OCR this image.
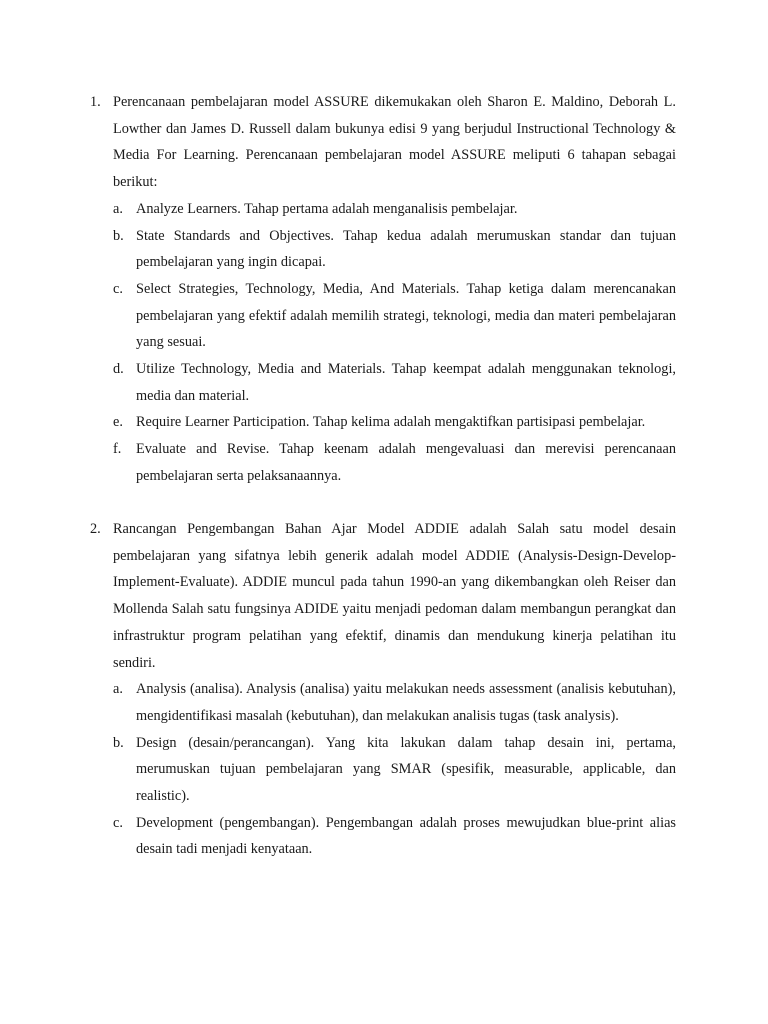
1. Perencanaan pembelajaran model ASSURE dikemukakan oleh Sharon E. Maldino, Deborah L. Lowther dan James D. Russell dalam bukunya edisi 9 yang berjudul Instructional Technology & Media For Learning. Perencanaan pembelajaran model ASSURE meliputi 6 tahapan sebagai berikut:
a. Analyze Learners. Tahap pertama adalah menganalisis pembelajar.
b. State Standards and Objectives. Tahap kedua adalah merumuskan standar dan tujuan pembelajaran yang ingin dicapai.
c. Select Strategies, Technology, Media, And Materials. Tahap ketiga dalam merencanakan pembelajaran yang efektif adalah memilih strategi, teknologi, media dan materi pembelajaran yang sesuai.
d. Utilize Technology, Media and Materials. Tahap keempat adalah menggunakan teknologi, media dan material.
e. Require Learner Participation. Tahap kelima adalah mengaktifkan partisipasi pembelajar.
f. Evaluate and Revise. Tahap keenam adalah mengevaluasi dan merevisi perencanaan pembelajaran serta pelaksanaannya.
2. Rancangan Pengembangan Bahan Ajar Model ADDIE adalah Salah satu model desain pembelajaran yang sifatnya lebih generik adalah model ADDIE (Analysis-Design-Develop-Implement-Evaluate). ADDIE muncul pada tahun 1990-an yang dikembangkan oleh Reiser dan Mollenda Salah satu fungsinya ADIDE yaitu menjadi pedoman dalam membangun perangkat dan infrastruktur program pelatihan yang efektif, dinamis dan mendukung kinerja pelatihan itu sendiri.
a. Analysis (analisa). Analysis (analisa) yaitu melakukan needs assessment (analisis kebutuhan), mengidentifikasi masalah (kebutuhan), dan melakukan analisis tugas (task analysis).
b. Design (desain/perancangan). Yang kita lakukan dalam tahap desain ini, pertama, merumuskan tujuan pembelajaran yang SMAR (spesifik, measurable, applicable, dan realistic).
c. Development (pengembangan). Pengembangan adalah proses mewujudkan blue-print alias desain tadi menjadi kenyataan.
